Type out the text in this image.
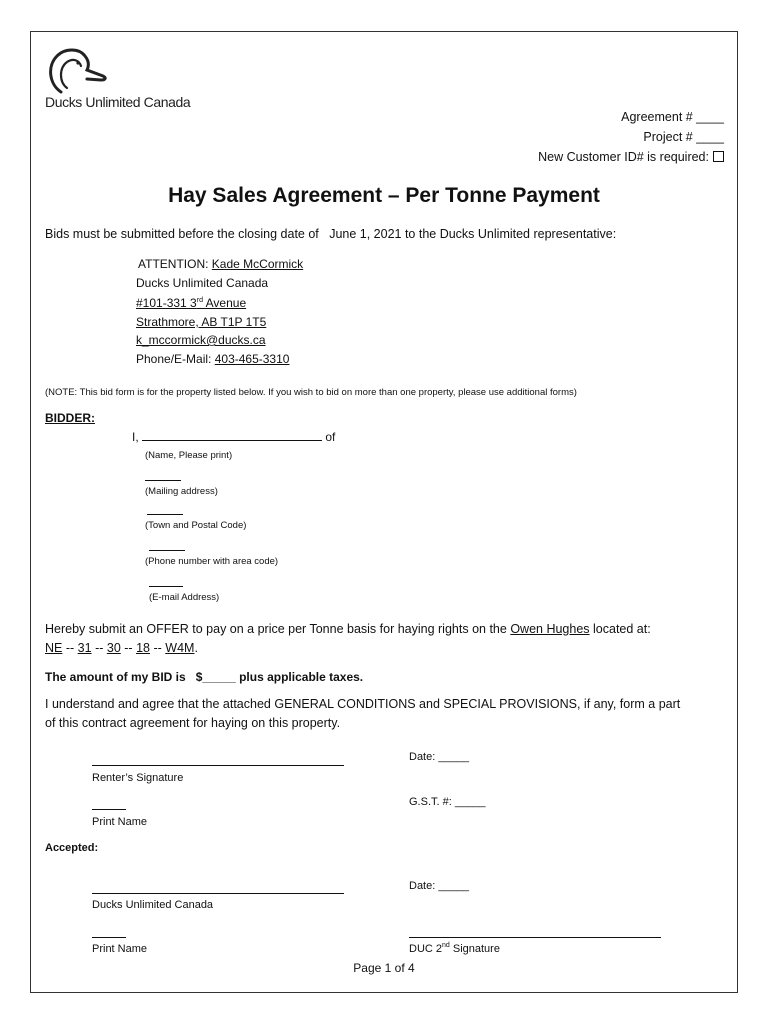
Ducks Unlimited Canada
Agreement # ____
Project # ____
New Customer ID# is required:
Hay Sales Agreement – Per Tonne Payment
Bids must be submitted before the closing date of June 1, 2021 to the Ducks Unlimited representative:
ATTENTION: Kade McCormick
Ducks Unlimited Canada
#101-331 3rd Avenue
Strathmore, AB T1P 1T5
k_mccormick@ducks.ca
Phone/E-Mail: 403-465-3310
(NOTE: This bid form is for the property listed below. If you wish to bid on more than one property, please use additional forms)
BIDDER:
I,	of
(Name, Please print)
(Mailing address)
(Town and Postal Code)
(Phone number with area code)
(E-mail Address)
Hereby submit an OFFER to pay on a price per Tonne basis for haying rights on the Owen Hughes located at:
NE -- 31 -- 30 -- 18 -- W4M.
The amount of my BID is $_____ plus applicable taxes.
I understand and agree that the attached GENERAL CONDITIONS and SPECIAL PROVISIONS, if any, form a part
of this contract agreement for haying on this property.
Renter’s Signature
Date: _____
Print Name
G.S.T. #: _____
Accepted:
Ducks Unlimited Canada
Date: _____
Print Name	DUC 2nd Signature
Page 1 of 4
